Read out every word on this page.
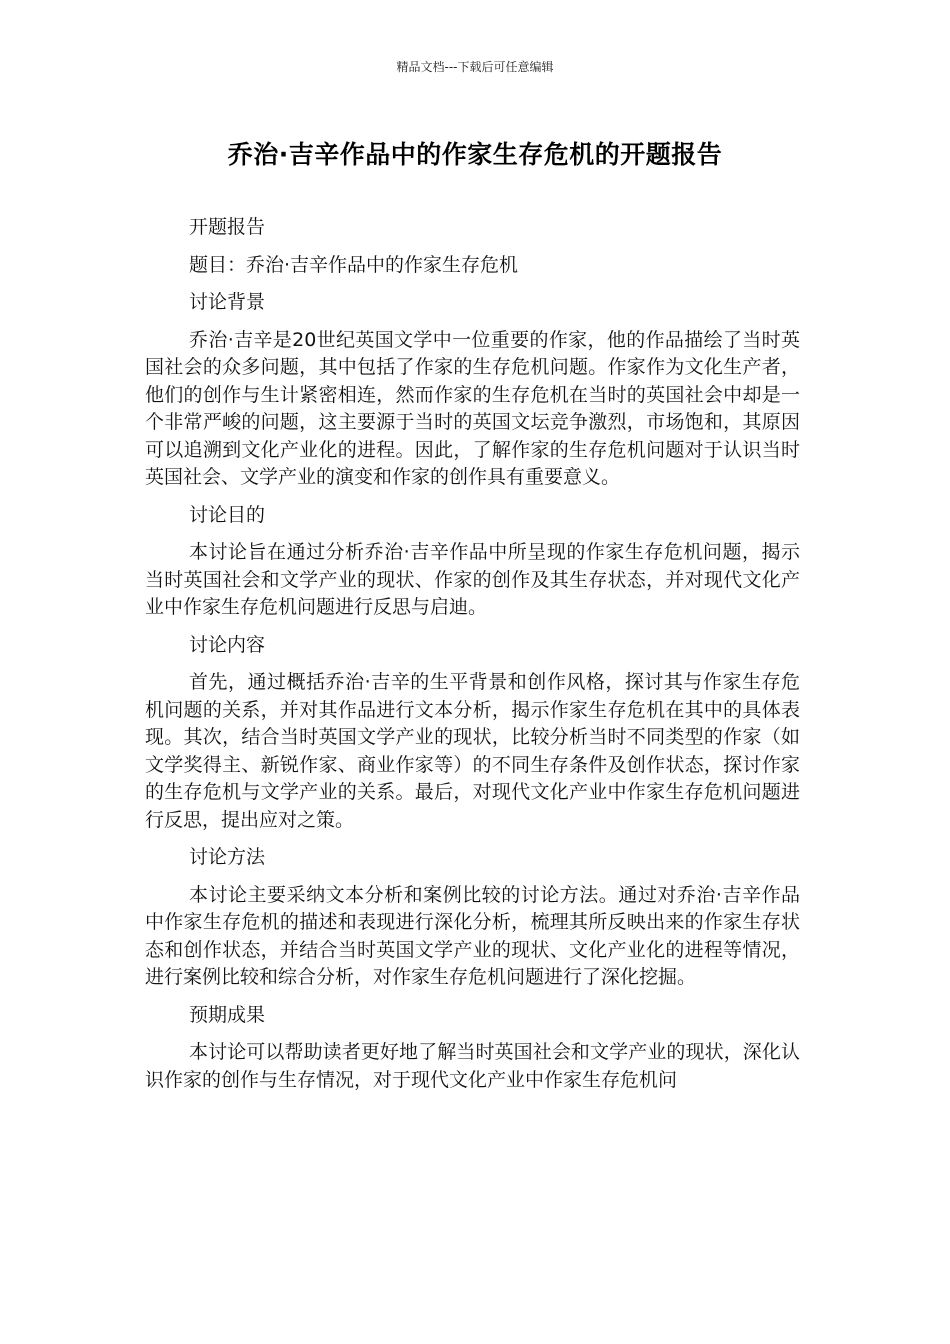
精品文档---下载后可任意编辑
乔治·吉辛作品中的作家生存危机的开题报告

开题报告

题目：乔治·吉辛作品中的作家生存危机

讨论背景

乔治·吉辛是20世纪英国文学中一位重要的作家，他的作品描绘了当时英国社会的众多问题，其中包括了作家的生存危机问题。作家作为文化生产者，他们的创作与生计紧密相连，然而作家的生存危机在当时的英国社会中却是一个非常严峻的问题，这主要源于当时的英国文坛竞争激烈，市场饱和，其原因可以追溯到文化产业化的进程。因此，了解作家的生存危机问题对于认识当时英国社会、文学产业的演变和作家的创作具有重要意义。

讨论目的

本讨论旨在通过分析乔治·吉辛作品中所呈现的作家生存危机问题，揭示当时英国社会和文学产业的现状、作家的创作及其生存状态，并对现代文化产业中作家生存危机问题进行反思与启迪。

讨论内容

首先，通过概括乔治·吉辛的生平背景和创作风格，探讨其与作家生存危机问题的关系，并对其作品进行文本分析，揭示作家生存危机在其中的具体表现。其次，结合当时英国文学产业的现状，比较分析当时不同类型的作家（如文学奖得主、新锐作家、商业作家等）的不同生存条件及创作状态，探讨作家的生存危机与文学产业的关系。最后，对现代文化产业中作家生存危机问题进行反思，提出应对之策。

讨论方法

本讨论主要采纳文本分析和案例比较的讨论方法。通过对乔治·吉辛作品中作家生存危机的描述和表现进行深化分析，梳理其所反映出来的作家生存状态和创作状态，并结合当时英国文学产业的现状、文化产业化的进程等情况，进行案例比较和综合分析，对作家生存危机问题进行了深化挖掘。

预期成果

本讨论可以帮助读者更好地了解当时英国社会和文学产业的现状，深化认识作家的创作与生存情况，对于现代文化产业中作家生存危机问
